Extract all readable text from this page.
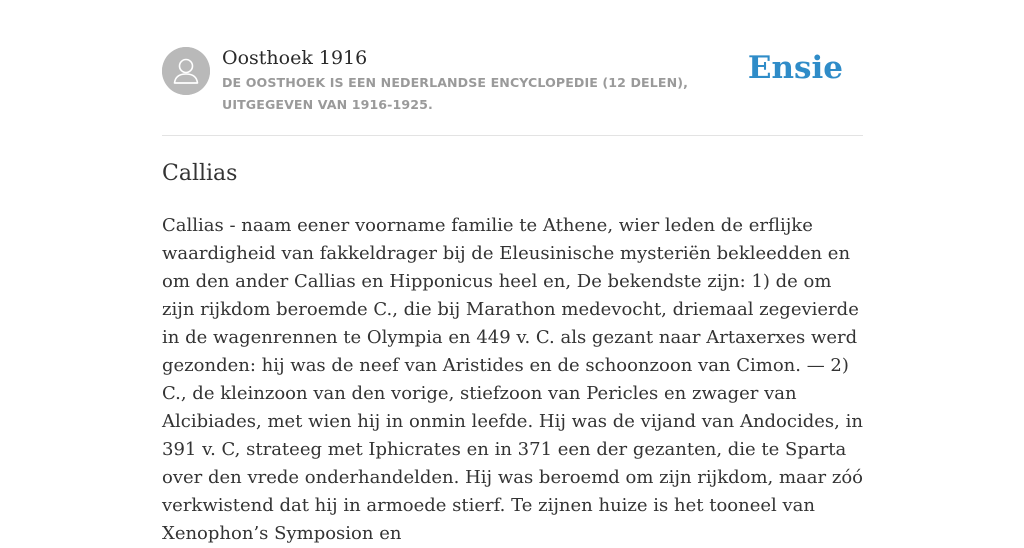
Oosthoek 1916
DE OOSTHOEK IS EEN NEDERLANDSE ENCYCLOPEDIE (12 DELEN), UITGEGEVEN VAN 1916-1925.
Ensie
Callias

Callias - naam eener voorname familie te Athene, wier leden de erflijke waardigheid van fakkeldrager bij de Eleusinische mysteriën bekleedden en om den ander Callias en Hipponicus heel en, De bekendste zijn: 1) de om zijn rijkdom beroemde C., die bij Marathon medevocht, driemaal zegevierde in de wagenrennen te Olympia en 449 v. C. als gezant naar Artaxerxes werd gezonden: hij was de neef van Aristides en de schoonzoon van Cimon. — 2) C., de kleinzoon van den vorige, stiefzoon van Pericles en zwager van Alcibiades, met wien hij in onmin leefde. Hij was de vijand van Andocides, in 391 v. C, strateeg met Iphicrates en in 371 een der gezanten, die te Sparta over den vrede onderhandelden. Hij was beroemd om zijn rijkdom, maar zóó verkwistend dat hij in armoede stierf. Te zijnen huize is het tooneel van Xenophon’s Symposion en
